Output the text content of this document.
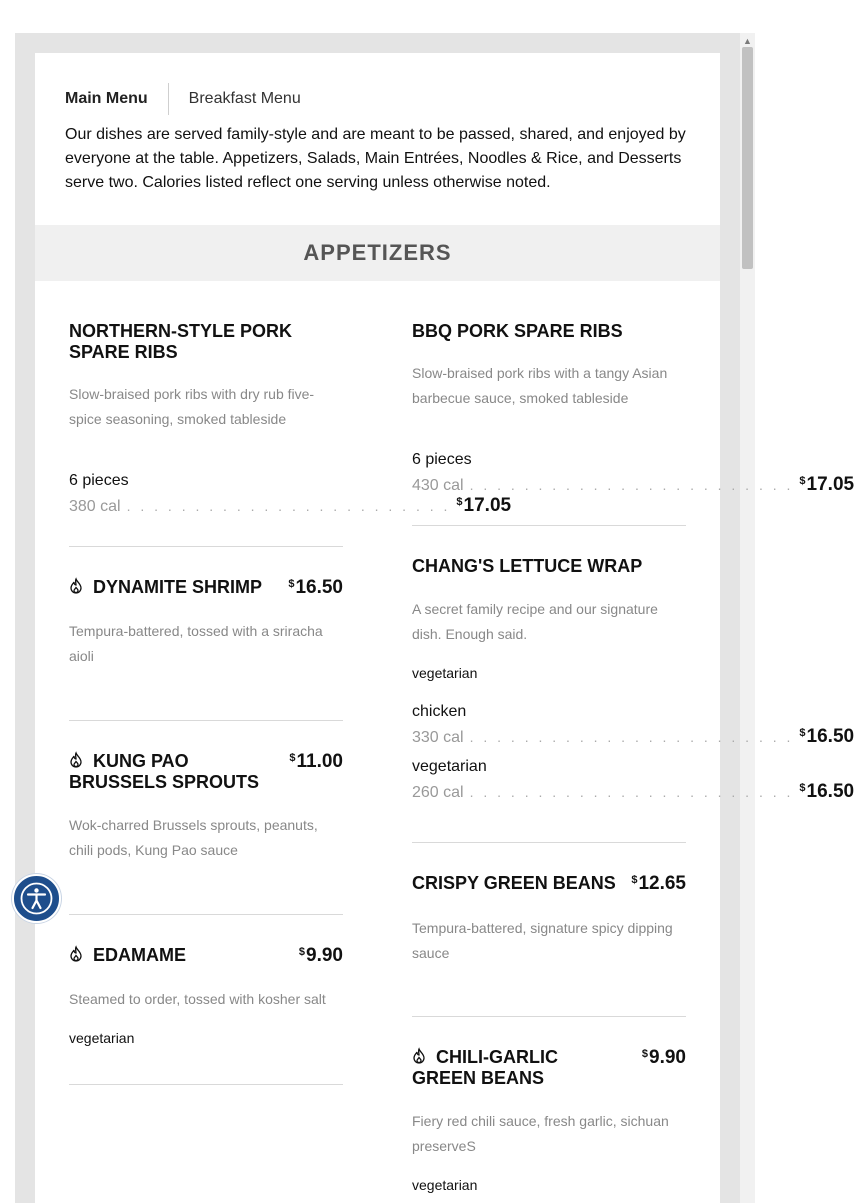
▲
Main Menu	Breakfast Menu
Our dishes are served family-style and are meant to be passed, shared, and enjoyed by everyone at the table. Appetizers, Salads, Main Entrées, Noodles & Rice, and Desserts serve two. Calories listed reflect one serving unless otherwise noted.
APPETIZERS
NORTHERN-STYLE PORK SPARE RIBS
Slow-braised pork ribs with dry rub five-spice seasoning, smoked tableside
6 pieces
380 cal . . . . . . . . . . . . . . . . . . . . . . . . $17.05
DYNAMITE SHRIMP $16.50
Tempura-battered, tossed with a sriracha aioli
KUNG PAO BRUSSELS SPROUTS
$11.00
Wok-charred Brussels sprouts, peanuts, chili pods, Kung Pao sauce
EDAMAME	$9.90
Steamed to order, tossed with kosher salt
vegetarian
BBQ PORK SPARE RIBS
Slow-braised pork ribs with a tangy Asian barbecue sauce, smoked tableside
6 pieces
430 cal . . . . . . . . . . . . . . . . . . . . . . . . $17.05
CHANG'S LETTUCE WRAP
A secret family recipe and our signature dish. Enough said.
vegetarian
chicken
330 cal . . . . . . . . . . . . . . . . . . . . . . . . $16.50
vegetarian
260 cal . . . . . . . . . . . . . . . . . . . . . . . . $16.50
CRISPY GREEN BEANS $12.65
Tempura-battered, signature spicy dipping sauce
CHILI-GARLIC GREEN BEANS
$9.90
Fiery red chili sauce, fresh garlic, sichuan preserveS
vegetarian
